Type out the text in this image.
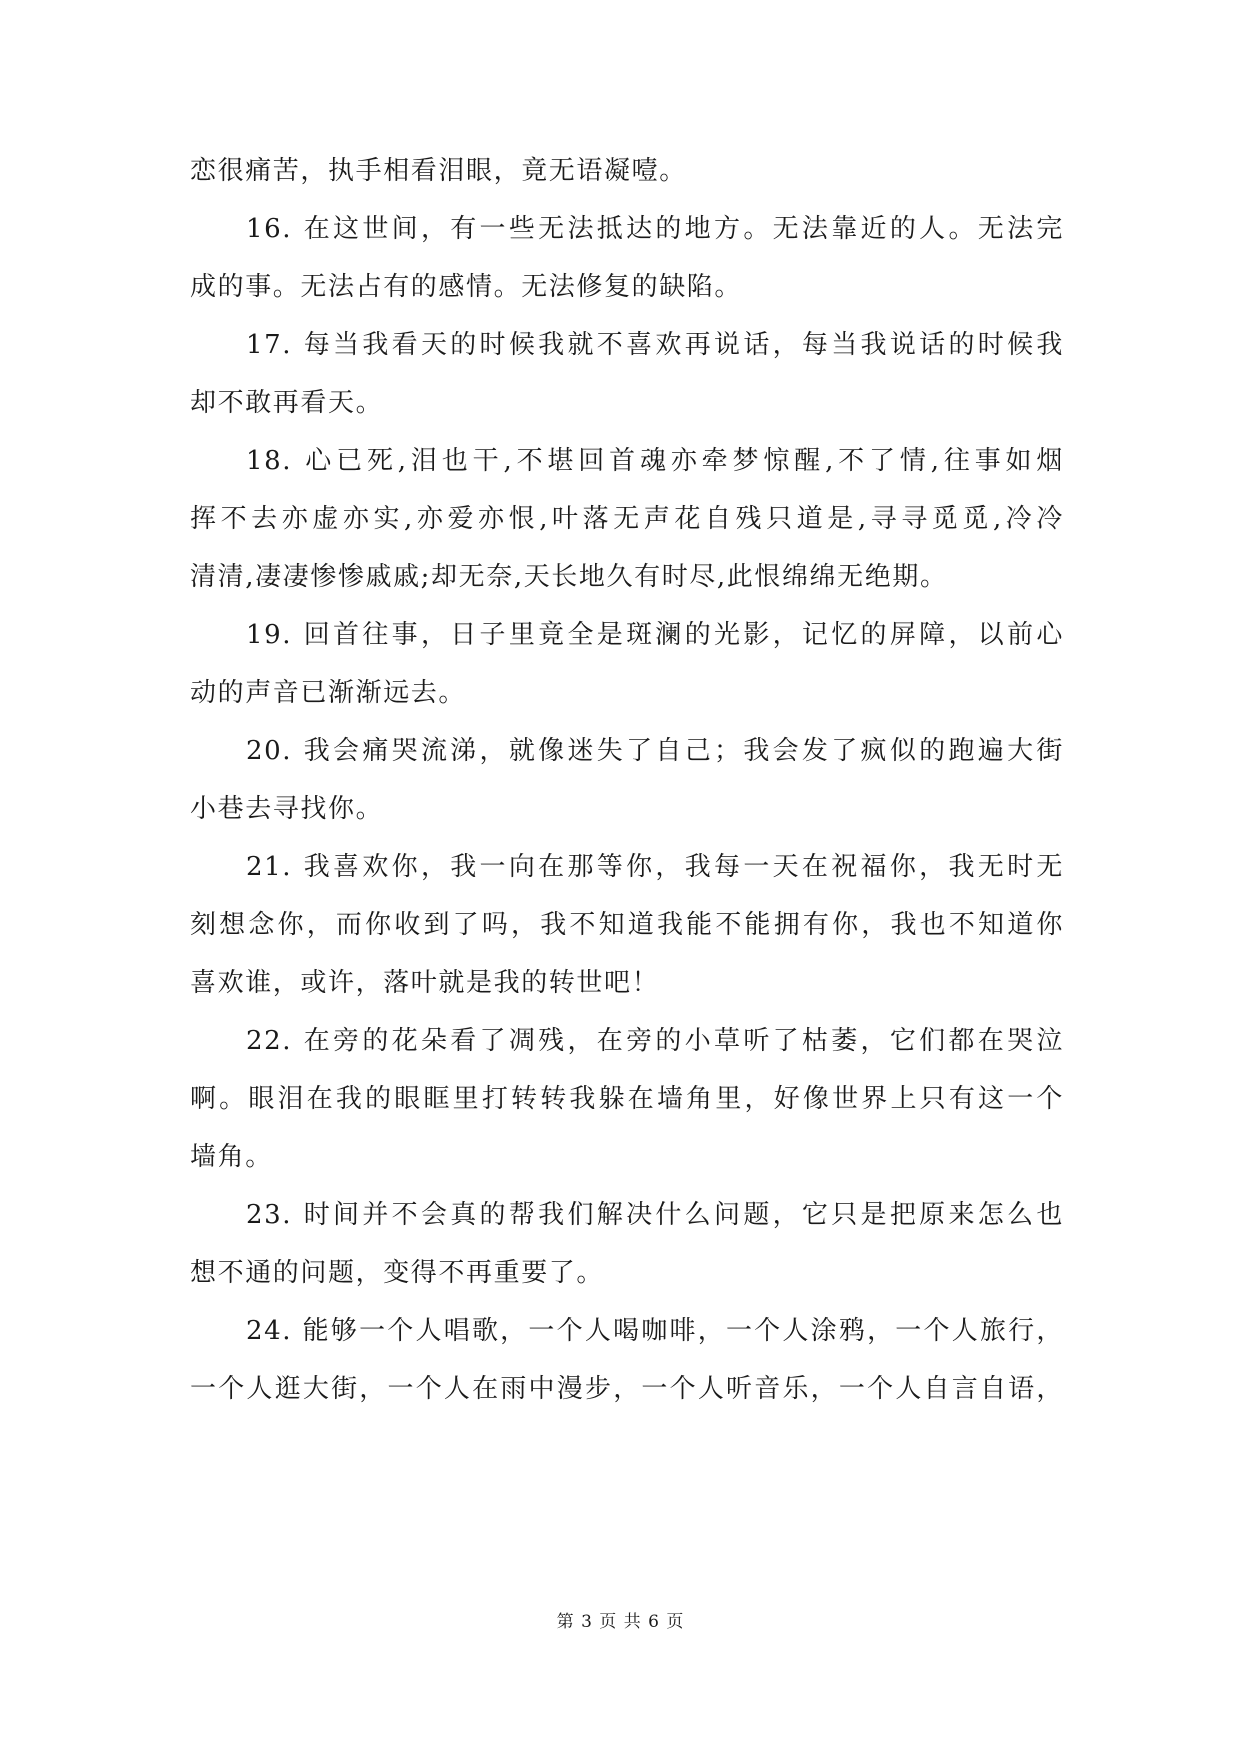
恋很痛苦，执手相看泪眼，竟无语凝噎。
16. 在这世间，有一些无法抵达的地方。无法靠近的人。无法完
成的事。无法占有的感情。无法修复的缺陷。
17. 每当我看天的时候我就不喜欢再说话，每当我说话的时候我
却不敢再看天。
18. 心已死,泪也干,不堪回首魂亦牵梦惊醒,不了情,往事如烟
挥不去亦虚亦实,亦爱亦恨,叶落无声花自残只道是,寻寻觅觅,冷冷
清清,凄凄惨惨戚戚;却无奈,天长地久有时尽,此恨绵绵无绝期。
19. 回首往事，日子里竟全是斑澜的光影，记忆的屏障，以前心
动的声音已渐渐远去。
20. 我会痛哭流涕，就像迷失了自己；我会发了疯似的跑遍大街
小巷去寻找你。
21. 我喜欢你，我一向在那等你，我每一天在祝福你，我无时无
刻想念你，而你收到了吗，我不知道我能不能拥有你，我也不知道你
喜欢谁，或许，落叶就是我的转世吧！
22. 在旁的花朵看了凋残，在旁的小草听了枯萎，它们都在哭泣
啊。眼泪在我的眼眶里打转转我躲在墙角里，好像世界上只有这一个
墙角。
23. 时间并不会真的帮我们解决什么问题，它只是把原来怎么也
想不通的问题，变得不再重要了。
24. 能够一个人唱歌，一个人喝咖啡，一个人涂鸦，一个人旅行，
一个人逛大街，一个人在雨中漫步，一个人听音乐，一个人自言自语，
第 3 页 共 6 页
